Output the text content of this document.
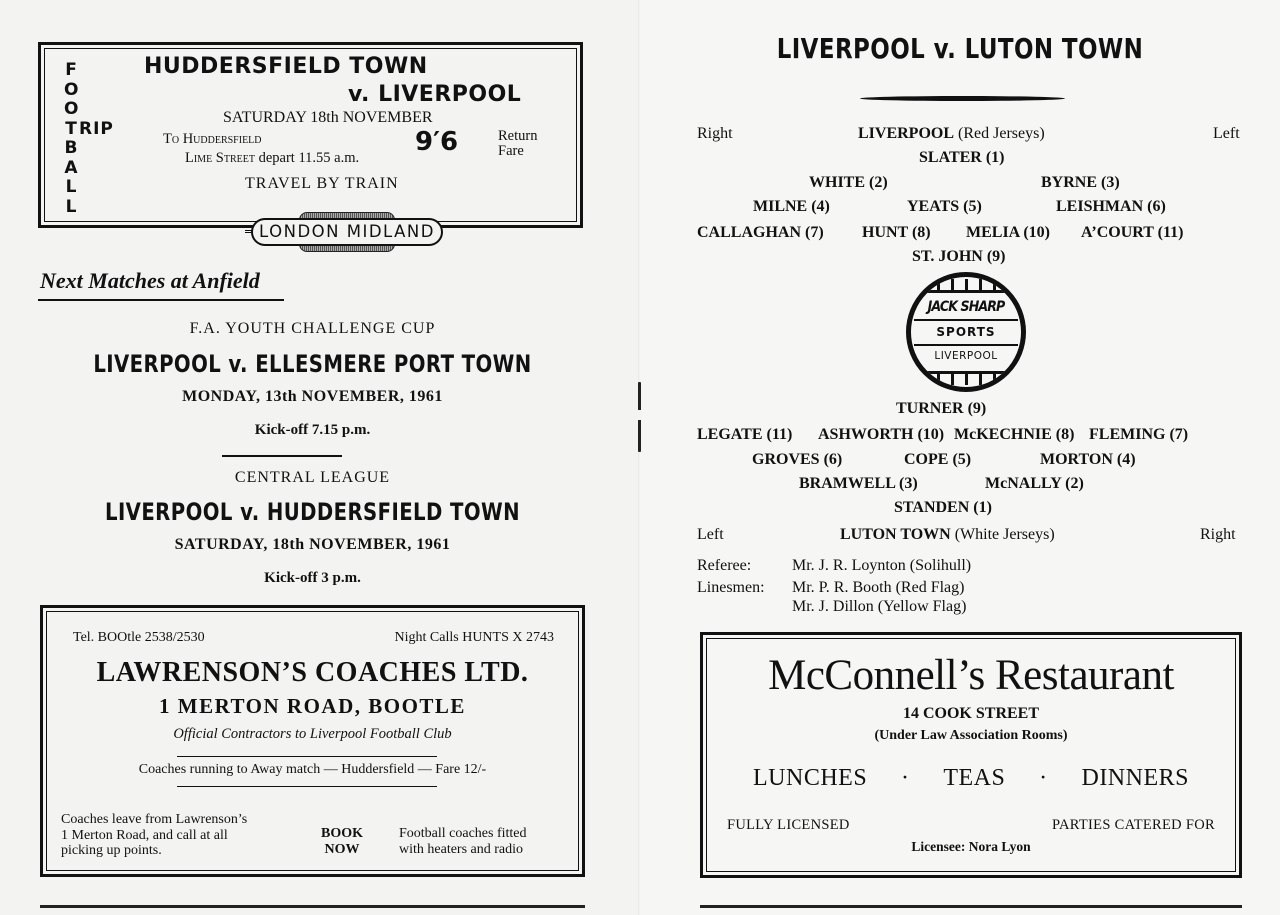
F
O
O
T
B
A
L
L
RIP
HUDDERSFIELD TOWN
v. LIVERPOOL
SATURDAY 18th NOVEMBER
To Huddersfield
Lime Street depart 11.55 a.m.
9′6	Return
Fare
TRAVEL BY TRAIN
LONDON MIDLAND
Next Matches at Anfield
F.A. YOUTH CHALLENGE CUP
LIVERPOOL v. ELLESMERE PORT TOWN
MONDAY, 13th NOVEMBER, 1961
Kick-off 7.15 p.m.
CENTRAL LEAGUE
LIVERPOOL v. HUDDERSFIELD TOWN
SATURDAY, 18th NOVEMBER, 1961
Kick-off 3 p.m.
Tel. BOOtle 2538/2530	Night Calls HUNTS X 2743
LAWRENSON’S COACHES LTD.
1 MERTON ROAD, BOOTLE
Official Contractors to Liverpool Football Club
Coaches running to Away match — Huddersfield — Fare 12/-
Coaches leave from Lawrenson’s
1 Merton Road, and call at all
picking up points.
BOOK
NOW
Football coaches fitted
with heaters and radio
LIVERPOOL v. LUTON TOWN
Right	LIVERPOOL (Red Jerseys)	Left
SLATER (1)
WHITE (2)	BYRNE (3)
MILNE (4)	YEATS (5)	LEISHMAN (6)
CALLAGHAN (7) HUNT (8) MELIA (10) A’COURT (11)
ST. JOHN (9)
JACK SHARP
SPORTS
LIVERPOOL
TURNER (9)
LEGATE (11) ASHWORTH (10) McKECHNIE (8) FLEMING (7)
GROVES (6)	COPE (5)	MORTON (4)
BRAMWELL (3)	McNALLY (2)
STANDEN (1)
Left	LUTON TOWN (White Jerseys)	Right
Referee:	Mr. J. R. Loynton (Solihull)
Linesmen: Mr. P. R. Booth (Red Flag)
Mr. J. Dillon (Yellow Flag)
McConnell’s Restaurant
14 COOK STREET
(Under Law Association Rooms)
LUNCHES · TEAS · DINNERS
FULLY LICENSED	PARTIES CATERED FOR
Licensee: Nora Lyon
